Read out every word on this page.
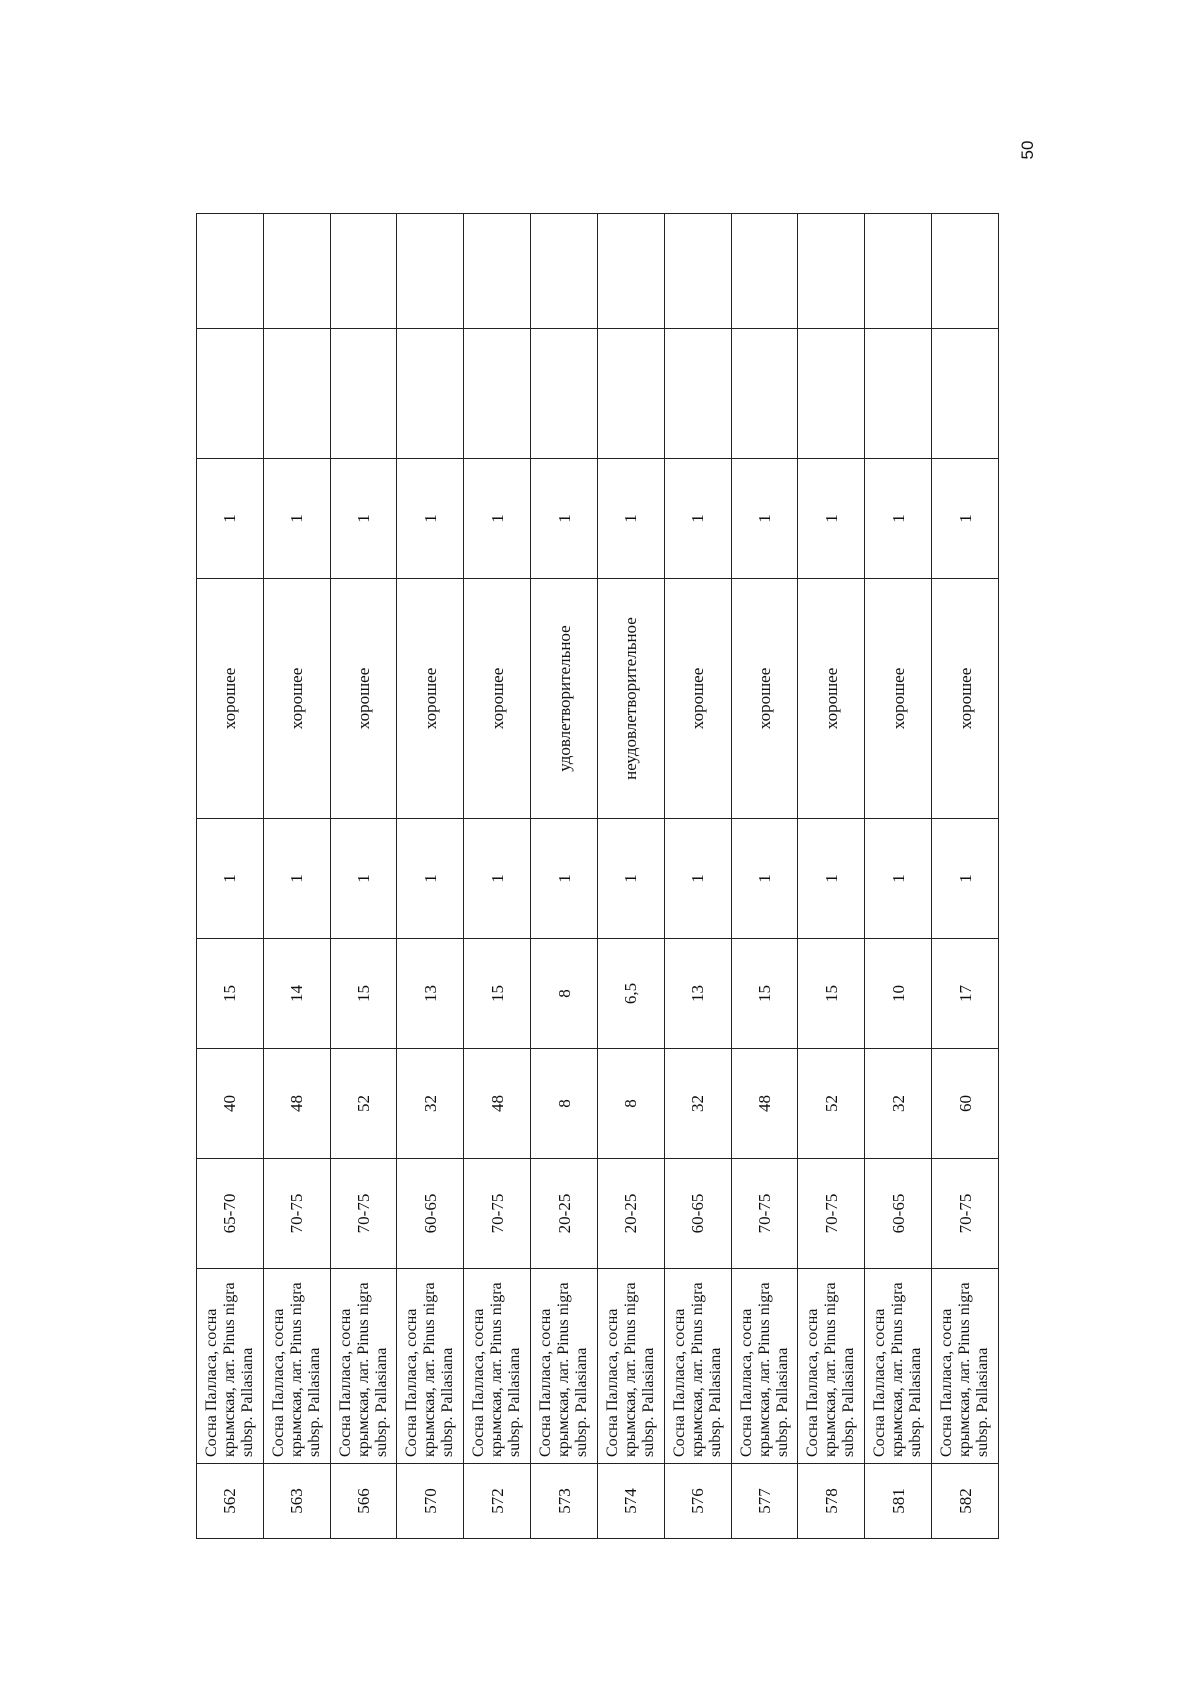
50
562	Сосна Палласа, сосна крымская, лат. Pinus nigra subsp. Pallasiana	65-70	40	15	1	хорошее	1		
563	Сосна Палласа, сосна крымская, лат. Pinus nigra subsp. Pallasiana	70-75	48	14	1	хорошее	1		
566	Сосна Палласа, сосна крымская, лат. Pinus nigra subsp. Pallasiana	70-75	52	15	1	хорошее	1		
570	Сосна Палласа, сосна крымская, лат. Pinus nigra subsp. Pallasiana	60-65	32	13	1	хорошее	1		
572	Сосна Палласа, сосна крымская, лат. Pinus nigra subsp. Pallasiana	70-75	48	15	1	хорошее	1		
573	Сосна Палласа, сосна крымская, лат. Pinus nigra subsp. Pallasiana	20-25	8	8	1	удовлетворительное	1		
574	Сосна Палласа, сосна крымская, лат. Pinus nigra subsp. Pallasiana	20-25	8	6,5	1	неудовлетворительное	1		
576	Сосна Палласа, сосна крымская, лат. Pinus nigra subsp. Pallasiana	60-65	32	13	1	хорошее	1		
577	Сосна Палласа, сосна крымская, лат. Pinus nigra subsp. Pallasiana	70-75	48	15	1	хорошее	1		
578	Сосна Палласа, сосна крымская, лат. Pinus nigra subsp. Pallasiana	70-75	52	15	1	хорошее	1		
581	Сосна Палласа, сосна крымская, лат. Pinus nigra subsp. Pallasiana	60-65	32	10	1	хорошее	1		
582	Сосна Палласа, сосна крымская, лат. Pinus nigra subsp. Pallasiana	70-75	60	17	1	хорошее	1		
